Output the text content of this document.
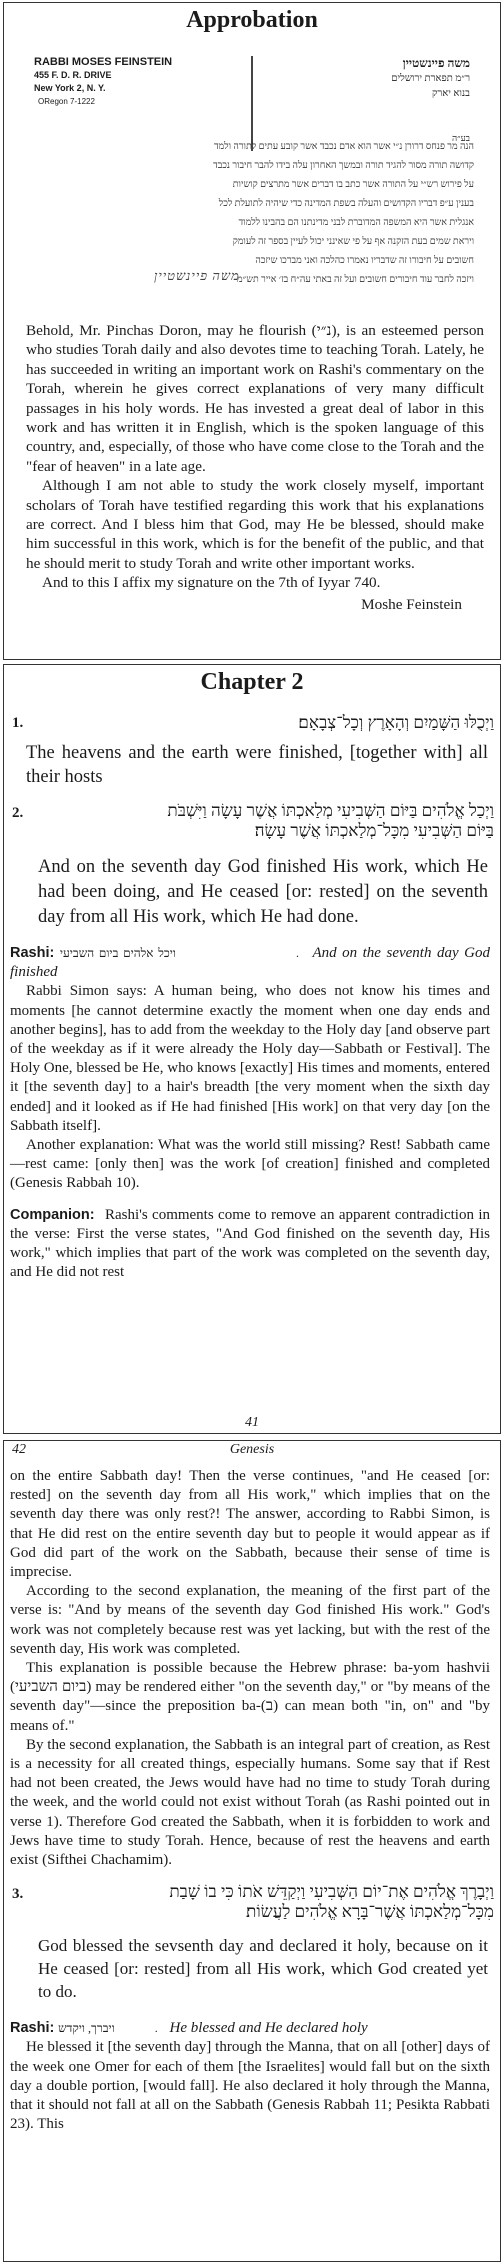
Approbation
RABBI MOSES FEINSTEIN
455 F. D. R. DRIVE
New York 2, N. Y.
ORegon 7-1222
משה פיינשטיין
ר״מ תפארת ירושלים
בנוא יארק
בע״ה
הנה מר פנחס דרורן נ״י אשר הוא אדם נכבד אשר קובע עתים לתורה ולמד
קדושה תורה מסור להגיד תורה ובמשך האחרון עלה בידו להבר חיבור נכבד
על פירוש רש״י על התורה אשר כתב בו דברים אשר מתרצים קושיות
בענין ע״פ דבריו הקדושים והעלה בשפת המדינה כדי שיהיה לתועלת לכל
אנגלית אשר היא המשפה המדוברת לבני מדינתנו הם בהבינו ללמוד
ויראת שמים בעת הזקנה אף על פי שאינני יכול לעיין בספר זה לעומק
חשובים על חיבורו זה שדבריו נאמרו כהלכה ואני מברכו שיזכה
ויזכה לחבר עוד חיבורים חשובים ועל זה באתי עה״ח בז׳ אייר תש״מ
משה פיינשטיין

Behold, Mr. Pinchas Doron, may he flourish (נ״י), is an esteemed person who studies Torah daily and also devotes time to teaching Torah. Lately, he has succeeded in writing an important work on Rashi's commentary on the Torah, wherein he gives correct explanations of very many difficult passages in his holy words. He has invested a great deal of labor in this work and has written it in English, which is the spoken language of this country, and, especially, of those who have come close to the Torah and the "fear of heaven" in a late age.

Although I am not able to study the work closely myself, important scholars of Torah have testified regarding this work that his explanations are correct. And I bless him that God, may He be blessed, should make him successful in this work, which is for the benefit of the public, and that he should merit to study Torah and write other important works.

And to this I affix my signature on the 7th of Iyyar 740.

Moshe Feinstein

Chapter 2
1.	וַיְכֻלּוּ הַשָּׁמַיִם וְהָאָרֶץ וְכָל־צְבָאָם׃
The heavens and the earth were finished, [together with] all their hosts
2.	וַיְכַל אֱלֹהִים בַּיּוֹם הַשְּׁבִיעִי מְלַאכְתּוֹ אֲשֶׁר עָשָׂה וַיִּשְׁבֹּת
בַּיּוֹם הַשְּׁבִיעִי מִכָּל־מְלַאכְתּוֹ אֲשֶׁר עָשָׂה׃
And on the seventh day God finished His work, which He had been doing, and He ceased [or: rested] on the seventh day from all His work, which He had done.
Rashi: ויכל אלהים ביום השביעי. And on the seventh day God finished

Rabbi Simon says: A human being, who does not know his times and moments [he cannot determine exactly the moment when one day ends and another begins], has to add from the weekday to the Holy day [and observe part of the weekday as if it were already the Holy day—Sabbath or Festival]. The Holy One, blessed be He, who knows [exactly] His times and moments, entered it [the seventh day] to a hair's breadth [the very moment when the sixth day ended] and it looked as if He had finished [His work] on that very day [on the Sabbath itself].

Another explanation: What was the world still missing? Rest! Sabbath came—rest came: [only then] was the work [of creation] finished and completed (Genesis Rabbah 10).

Companion: Rashi's comments come to remove an apparent contradiction in the verse: First the verse states, "And God finished on the seventh day, His work," which implies that part of the work was completed on the seventh day, and He did not rest
41
42	Genesis

on the entire Sabbath day! Then the verse continues, "and He ceased [or: rested] on the seventh day from all His work," which implies that on the seventh day there was only rest?! The answer, according to Rabbi Simon, is that He did rest on the entire seventh day but to people it would appear as if God did part of the work on the Sabbath, because their sense of time is imprecise.

According to the second explanation, the meaning of the first part of the verse is: "And by means of the seventh day God finished His work." God's work was not completely because rest was yet lacking, but with the rest of the seventh day, His work was completed.

This explanation is possible because the Hebrew phrase: ba-yom hashvii (ביום השביעי) may be rendered either "on the seventh day," or "by means of the seventh day"—since the preposition ba-(ב) can mean both "in, on" and "by means of."

By the second explanation, the Sabbath is an integral part of creation, as Rest is a necessity for all created things, especially humans. Some say that if Rest had not been created, the Jews would have had no time to study Torah during the week, and the world could not exist without Torah (as Rashi pointed out in verse 1). Therefore God created the Sabbath, when it is forbidden to work and Jews have time to study Torah. Hence, because of rest the heavens and earth exist (Sifthei Chachamim).

3.	וַיְבָרֶךְ אֱלֹהִים אֶת־יוֹם הַשְּׁבִיעִי וַיְקַדֵּשׁ אֹתוֹ כִּי בוֹ שָׁבַת
מִכָּל־מְלַאכְתּוֹ אֲשֶׁר־בָּרָא אֱלֹהִים לַעֲשׂוֹת׃
God blessed the sevsenth day and declared it holy, because on it He ceased [or: rested] from all His work, which God created yet to do.
Rashi: ויברך, ויקדש. He blessed and He declared holy

He blessed it [the seventh day] through the Manna, that on all [other] days of the week one Omer for each of them [the Israelites] would fall but on the sixth day a double portion, [would fall]. He also declared it holy through the Manna, that it should not fall at all on the Sabbath (Genesis Rabbah 11; Pesikta Rabbati 23). This
